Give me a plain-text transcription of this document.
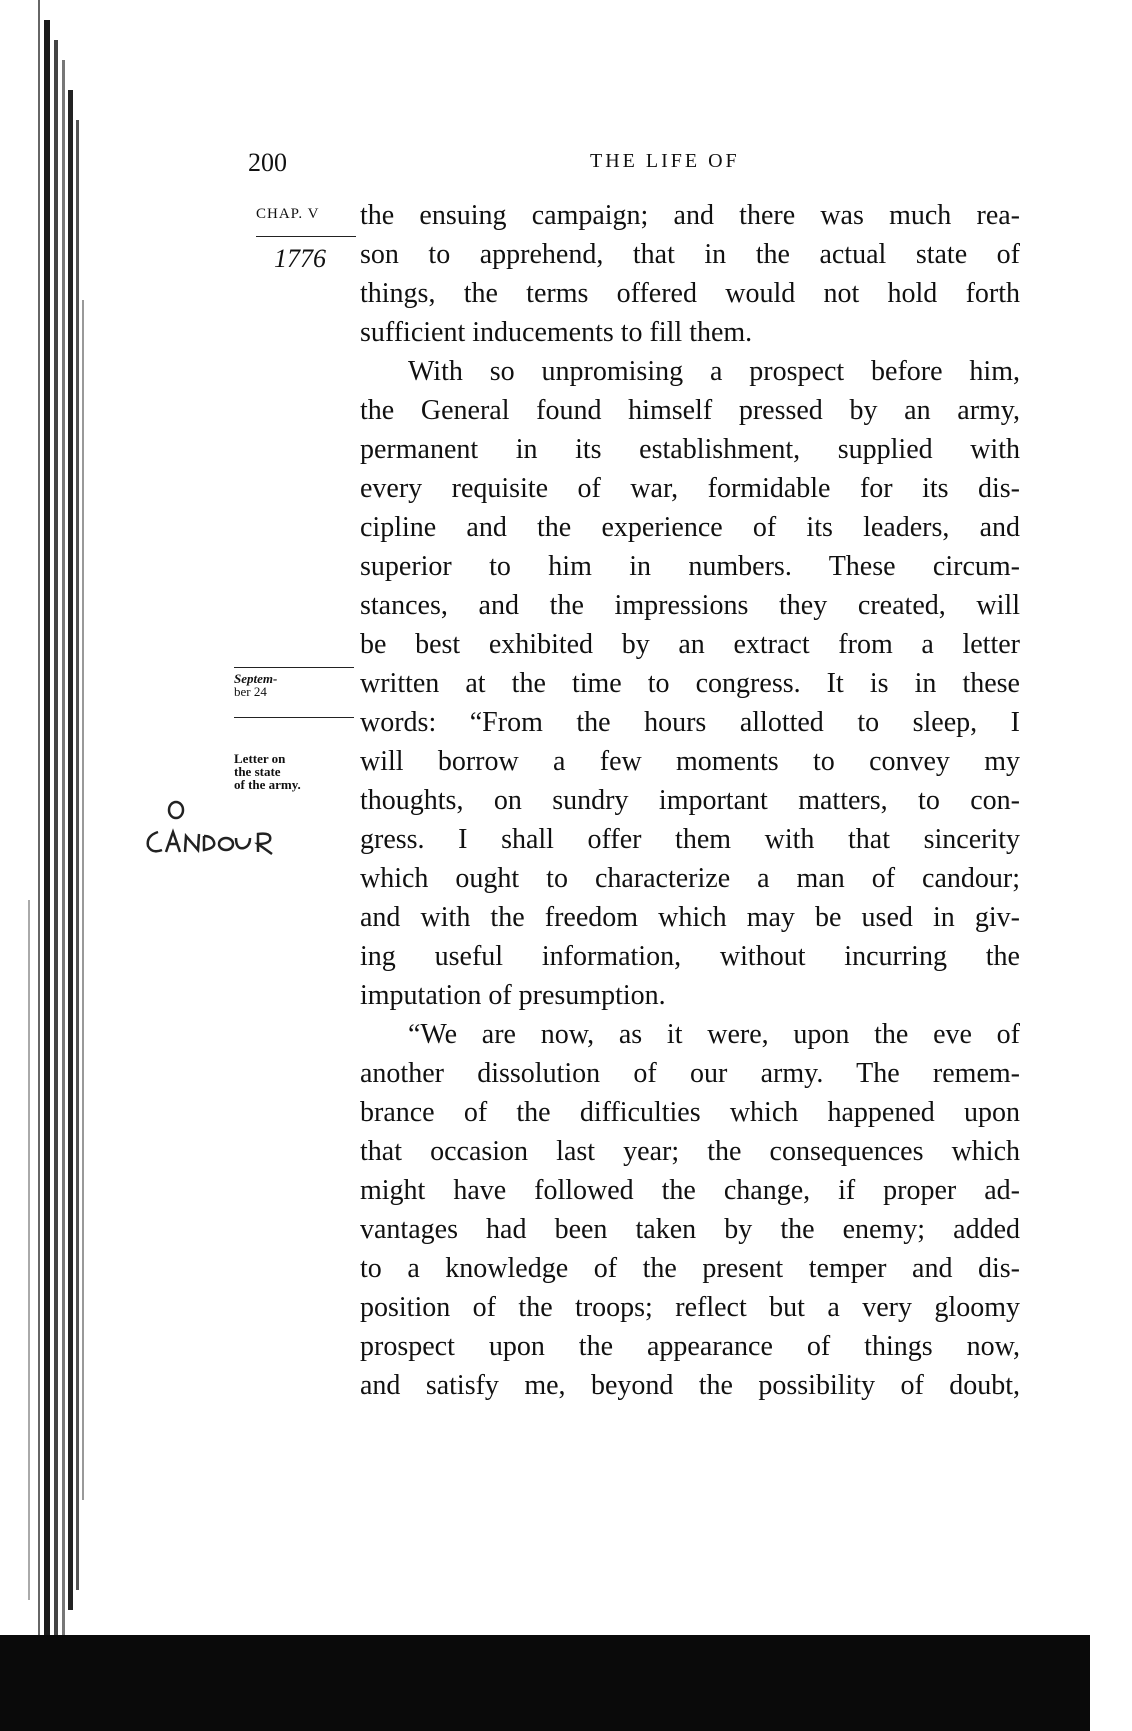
200	THE LIFE OF
CHAP. V
1776
Septem-
ber 24
Letter on
the state
of the army.
the ensuing campaign; and there was much rea-
son to apprehend, that in the actual state of
things, the terms offered would not hold forth
sufficient inducements to fill them.
With so unpromising a prospect before him,
the General found himself pressed by an army,
permanent in its establishment, supplied with
every requisite of war, formidable for its dis-
cipline and the experience of its leaders, and
superior to him in numbers. These circum-
stances, and the impressions they created, will
be best exhibited by an extract from a letter
written at the time to congress. It is in these
words: “From the hours allotted to sleep, I
will borrow a few moments to convey my
thoughts, on sundry important matters, to con-
gress. I shall offer them with that sincerity
which ought to characterize a man of candour;
and with the freedom which may be used in giv-
ing useful information, without incurring the
imputation of presumption.
“We are now, as it were, upon the eve of
another dissolution of our army. The remem-
brance of the difficulties which happened upon
that occasion last year; the consequences which
might have followed the change, if proper ad-
vantages had been taken by the enemy; added
to a knowledge of the present temper and dis-
position of the troops; reflect but a very gloomy
prospect upon the appearance of things now,
and satisfy me, beyond the possibility of doubt,
